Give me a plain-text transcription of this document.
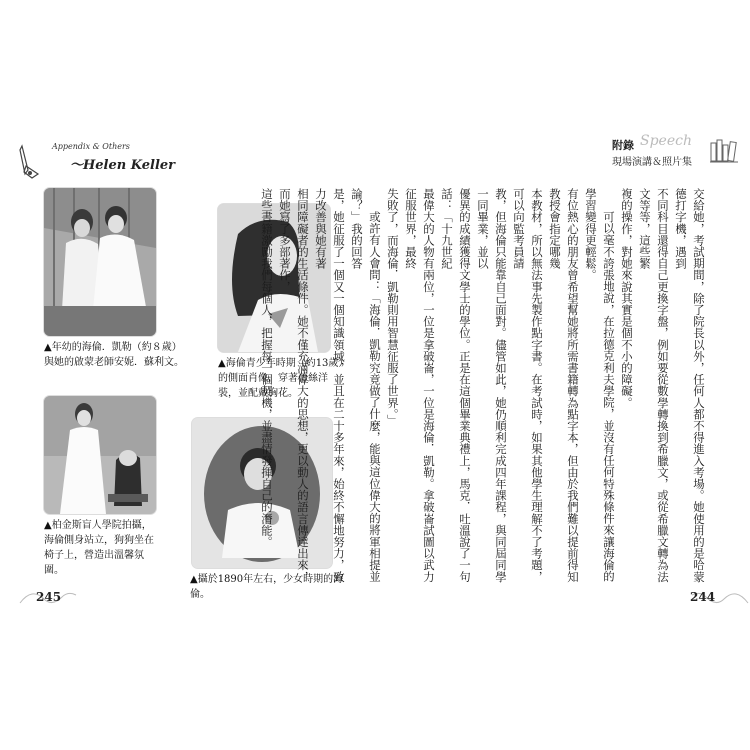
Appendix & Others
～Helen Keller
Speech
附錄
現場演講＆照片集
▲年幼的海倫．凱勒（約８歲）與她的啟蒙老師安妮．蘇利文。	▲海倫青少年時期（約13歲）的側面肖像，穿著蕾絲洋裝，並配戴胸花。
▲柏金斯盲人學院拍攝，海倫側身站立，狗狗坐在椅子上，營造出溫馨氛圍。
▲攝於1890年左右，少女時期的海倫。
交給她，考試期間，除了院長以外，任何人都不得進入考場。她使用的是哈蒙德打字機，遇到
不同科目還得自己更換字盤，例如要從數學轉換到希臘文，或從希臘文轉為法文等等，這些繁
複的操作，對她來說其實是個不小的障礙。
可以毫不誇張地說，在拉德克利夫學院，並沒有任何特殊條件來讓海倫的學習變得更輕鬆。
有位熱心的朋友曾希望幫她將所需書籍轉為點字本，但由於我們難以提前得知教授會指定哪幾
本教材，所以無法事先製作點字書。在考試時，如果其他學生理解不了考題，可以向監考員請
教，但海倫只能靠自己面對。儘管如此，她仍順利完成四年課程，與同屆同學一同畢業，並以
優異的成績獲得文學士的學位。正是在這個畢業典禮上，馬克．吐溫說了一句話：「十九世紀
最偉大的人物有兩位，一位是拿破崙，一位是海倫．凱勒。拿破崙試圖以武力征服世界，最終
失敗了，而海倫．凱勒則用智慧征服了世界。」
或許有人會問：「海倫．凱勒究竟做了什麼，能與這位偉大的將軍相提並論？」我的回答
是，她征服了一個又一個知識領域，並且在二十多年來，始終不懈地努力，致力改善與她有著
相同障礙者的生活條件。她不僅充滿偉大的思想，更以動人的語言傳達出來，而她寫了多部著作，
這些書籍激勵我們每個人，把握每一個契機，並盡情發揮自己的潛能。
245	244
